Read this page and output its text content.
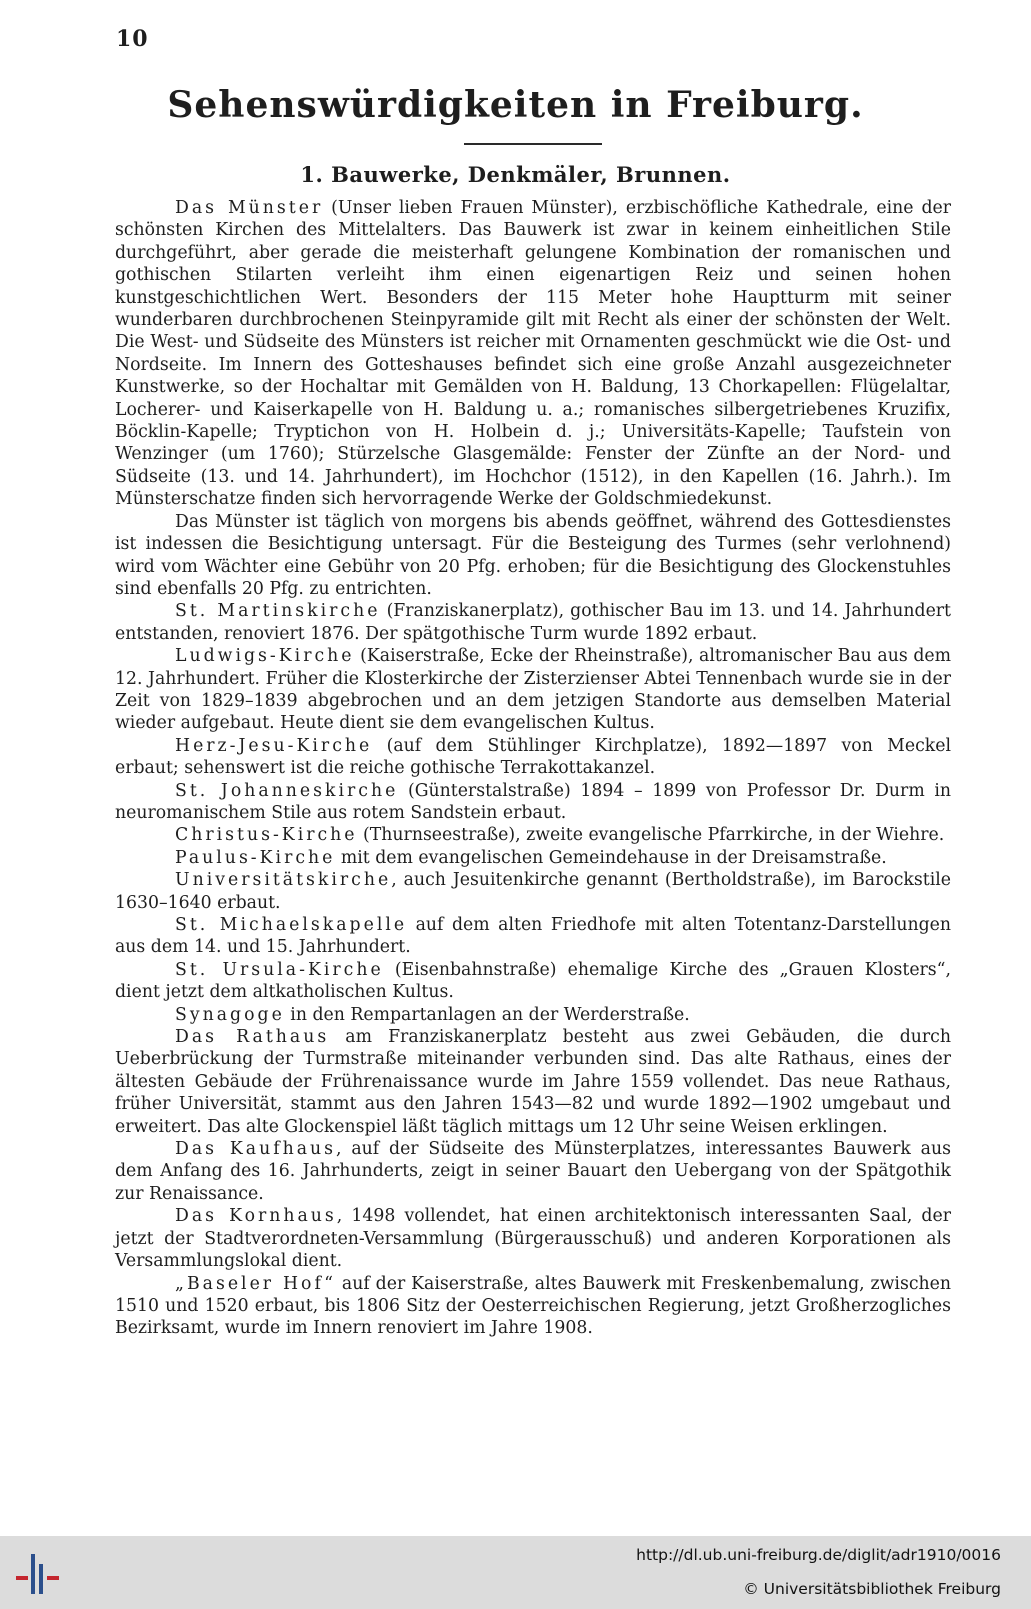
10
Sehenswürdigkeiten in Freiburg.
1. Bauwerke, Denkmäler, Brunnen.

Das Münster (Unser lieben Frauen Münster), erzbischöfliche Kathedrale, eine der schönsten Kirchen des Mittelalters. Das Bauwerk ist zwar in keinem einheitlichen Stile durchgeführt, aber gerade die meisterhaft gelungene Kombination der romanischen und gothischen Stilarten verleiht ihm einen eigenartigen Reiz und seinen hohen kunstgeschichtlichen Wert. Besonders der 115 Meter hohe Hauptturm mit seiner wunderbaren durchbrochenen Steinpyramide gilt mit Recht als einer der schönsten der Welt. Die West- und Südseite des Münsters ist reicher mit Ornamenten geschmückt wie die Ost- und Nordseite. Im Innern des Gotteshauses befindet sich eine große Anzahl ausgezeichneter Kunstwerke, so der Hochaltar mit Gemälden von H. Baldung, 13 Chorkapellen: Flügelaltar, Locherer- und Kaiserkapelle von H. Baldung u. a.; romanisches silbergetriebenes Kruzifix, Böcklin-Kapelle; Tryptichon von H. Holbein d. j.; Universitäts-Kapelle; Taufstein von Wenzinger (um 1760); Stürzelsche Glasgemälde: Fenster der Zünfte an der Nord- und Südseite (13. und 14. Jahrhundert), im Hochchor (1512), in den Kapellen (16. Jahrh.). Im Münsterschatze finden sich hervorragende Werke der Goldschmiedekunst.

Das Münster ist täglich von morgens bis abends geöffnet, während des Gottesdienstes ist indessen die Besichtigung untersagt. Für die Besteigung des Turmes (sehr verlohnend) wird vom Wächter eine Gebühr von 20 Pfg. erhoben; für die Besichtigung des Glockenstuhles sind ebenfalls 20 Pfg. zu entrichten.

St. Martinskirche (Franziskanerplatz), gothischer Bau im 13. und 14. Jahrhundert entstanden, renoviert 1876. Der spätgothische Turm wurde 1892 erbaut.

Ludwigs-Kirche (Kaiserstraße, Ecke der Rheinstraße), altromanischer Bau aus dem 12. Jahrhundert. Früher die Klosterkirche der Zisterzienser Abtei Tennenbach wurde sie in der Zeit von 1829–1839 abgebrochen und an dem jetzigen Standorte aus demselben Material wieder aufgebaut. Heute dient sie dem evangelischen Kultus.

Herz-Jesu-Kirche (auf dem Stühlinger Kirchplatze), 1892—1897 von Meckel erbaut; sehenswert ist die reiche gothische Terrakottakanzel.

St. Johanneskirche (Günterstalstraße) 1894 – 1899 von Professor Dr. Durm in neuromanischem Stile aus rotem Sandstein erbaut.

Christus-Kirche (Thurnseestraße), zweite evangelische Pfarrkirche, in der Wiehre.

Paulus-Kirche mit dem evangelischen Gemeindehause in der Dreisamstraße.

Universitätskirche, auch Jesuitenkirche genannt (Bertholdstraße), im Barockstile 1630–1640 erbaut.

St. Michaelskapelle auf dem alten Friedhofe mit alten Totentanz-Darstellungen aus dem 14. und 15. Jahrhundert.

St. Ursula-Kirche (Eisenbahnstraße) ehemalige Kirche des „Grauen Klosters“, dient jetzt dem altkatholischen Kultus.

Synagoge in den Rempartanlagen an der Werderstraße.

Das Rathaus am Franziskanerplatz besteht aus zwei Gebäuden, die durch Ueberbrückung der Turmstraße miteinander verbunden sind. Das alte Rathaus, eines der ältesten Gebäude der Frührenaissance wurde im Jahre 1559 vollendet. Das neue Rathaus, früher Universität, stammt aus den Jahren 1543—82 und wurde 1892—1902 umgebaut und erweitert. Das alte Glockenspiel läßt täglich mittags um 12 Uhr seine Weisen erklingen.

Das Kaufhaus, auf der Südseite des Münsterplatzes, interessantes Bauwerk aus dem Anfang des 16. Jahrhunderts, zeigt in seiner Bauart den Uebergang von der Spätgothik zur Renaissance.

Das Kornhaus, 1498 vollendet, hat einen architektonisch interessanten Saal, der jetzt der Stadtverordneten-Versammlung (Bürgerausschuß) und anderen Korporationen als Versammlungslokal dient.

„Baseler Hof“ auf der Kaiserstraße, altes Bauwerk mit Freskenbemalung, zwischen 1510 und 1520 erbaut, bis 1806 Sitz der Oesterreichischen Regierung, jetzt Großherzogliches Bezirksamt, wurde im Innern renoviert im Jahre 1908.

http://dl.ub.uni-freiburg.de/diglit/adr1910/0016
© Universitätsbibliothek Freiburg
